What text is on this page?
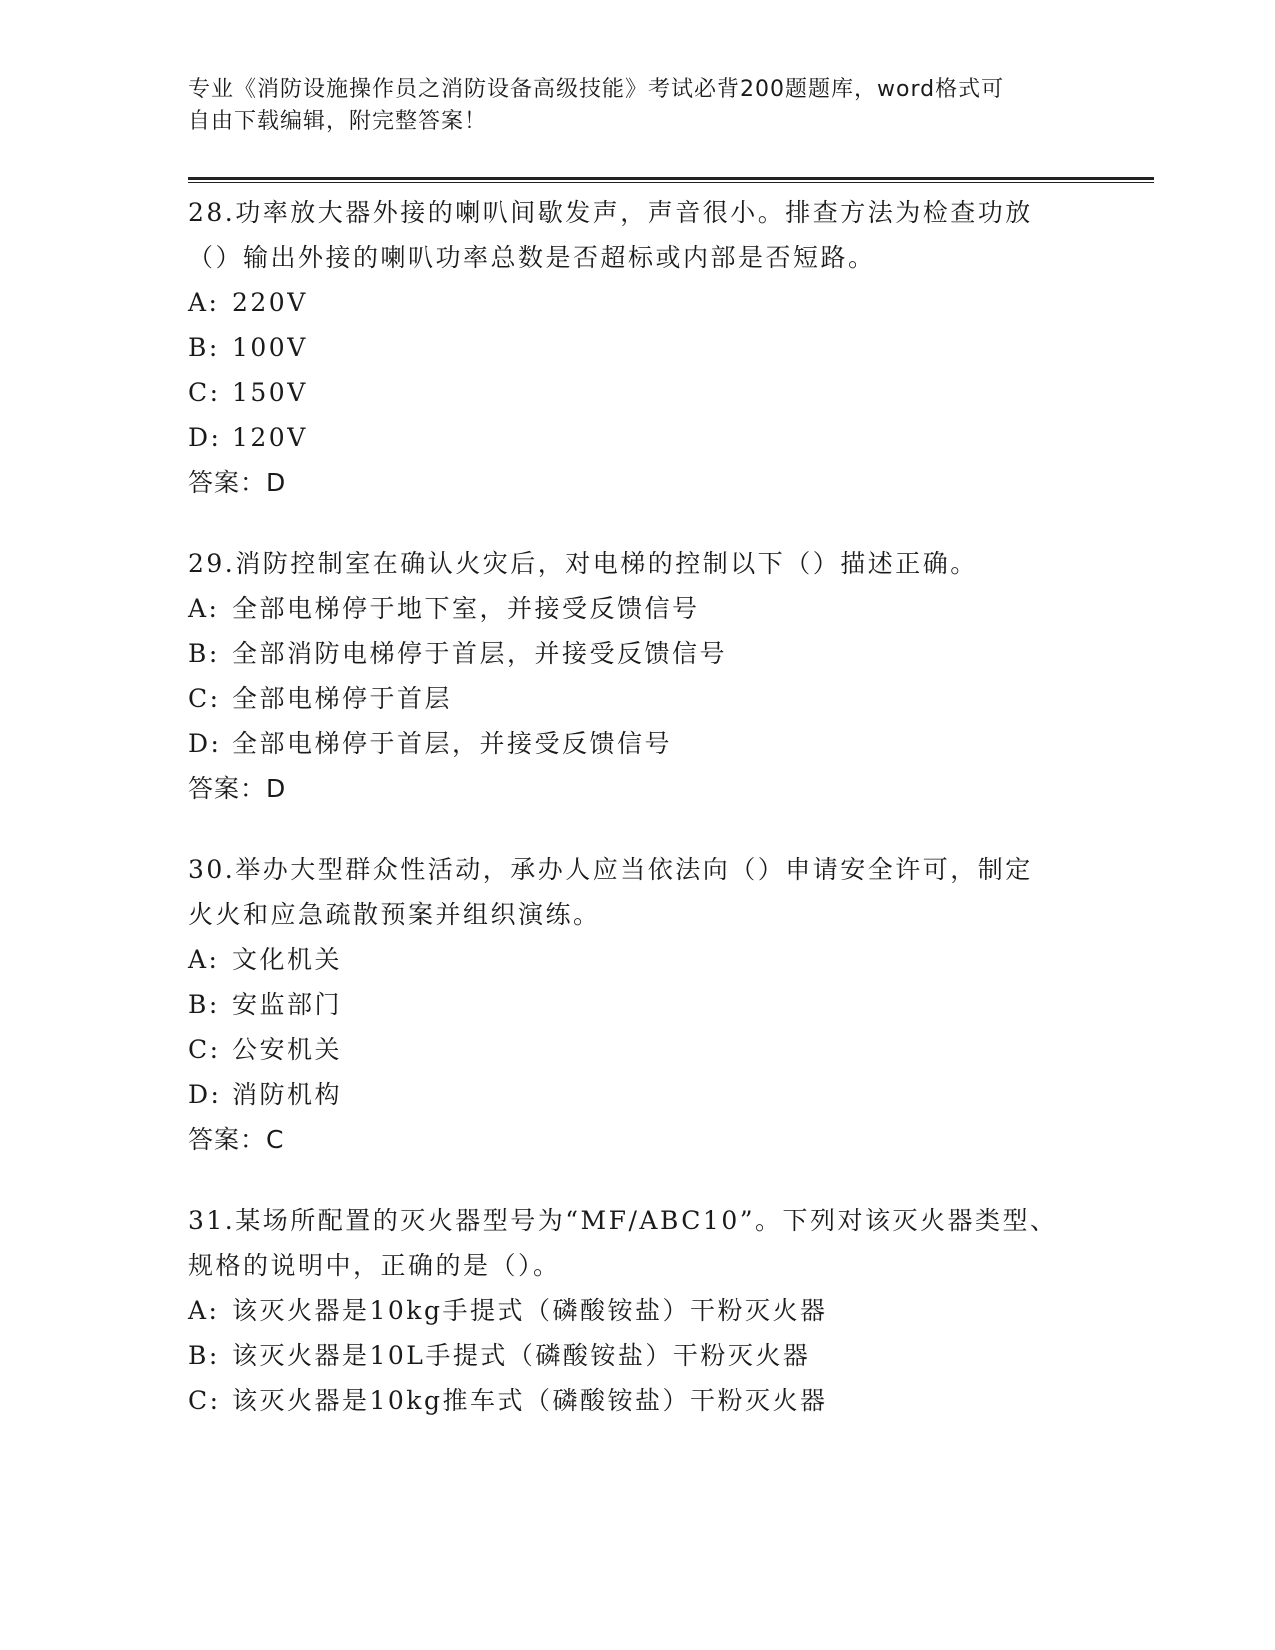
专业《消防设施操作员之消防设备高级技能》考试必背200题题库，word格式可
自由下载编辑，附完整答案！

28.功率放大器外接的喇叭间歇发声，声音很小。排查方法为检查功放

（）输出外接的喇叭功率总数是否超标或内部是否短路。

A: 220V

B: 100V

C: 150V

D: 120V

答案：D

29.消防控制室在确认火灾后，对电梯的控制以下（）描述正确。

A: 全部电梯停于地下室，并接受反馈信号

B: 全部消防电梯停于首层，并接受反馈信号

C: 全部电梯停于首层

D: 全部电梯停于首层，并接受反馈信号

答案：D

30.举办大型群众性活动，承办人应当依法向（）申请安全许可，制定

火火和应急疏散预案并组织演练。

A: 文化机关

B: 安监部门

C: 公安机关

D: 消防机构

答案：C

31.某场所配置的灭火器型号为“MF/ABC10”。下列对该灭火器类型、

规格的说明中，正确的是（）。

A: 该灭火器是10kg手提式（磷酸铵盐）干粉灭火器

B: 该灭火器是10L手提式（磷酸铵盐）干粉灭火器

C: 该灭火器是10kg推车式（磷酸铵盐）干粉灭火器
